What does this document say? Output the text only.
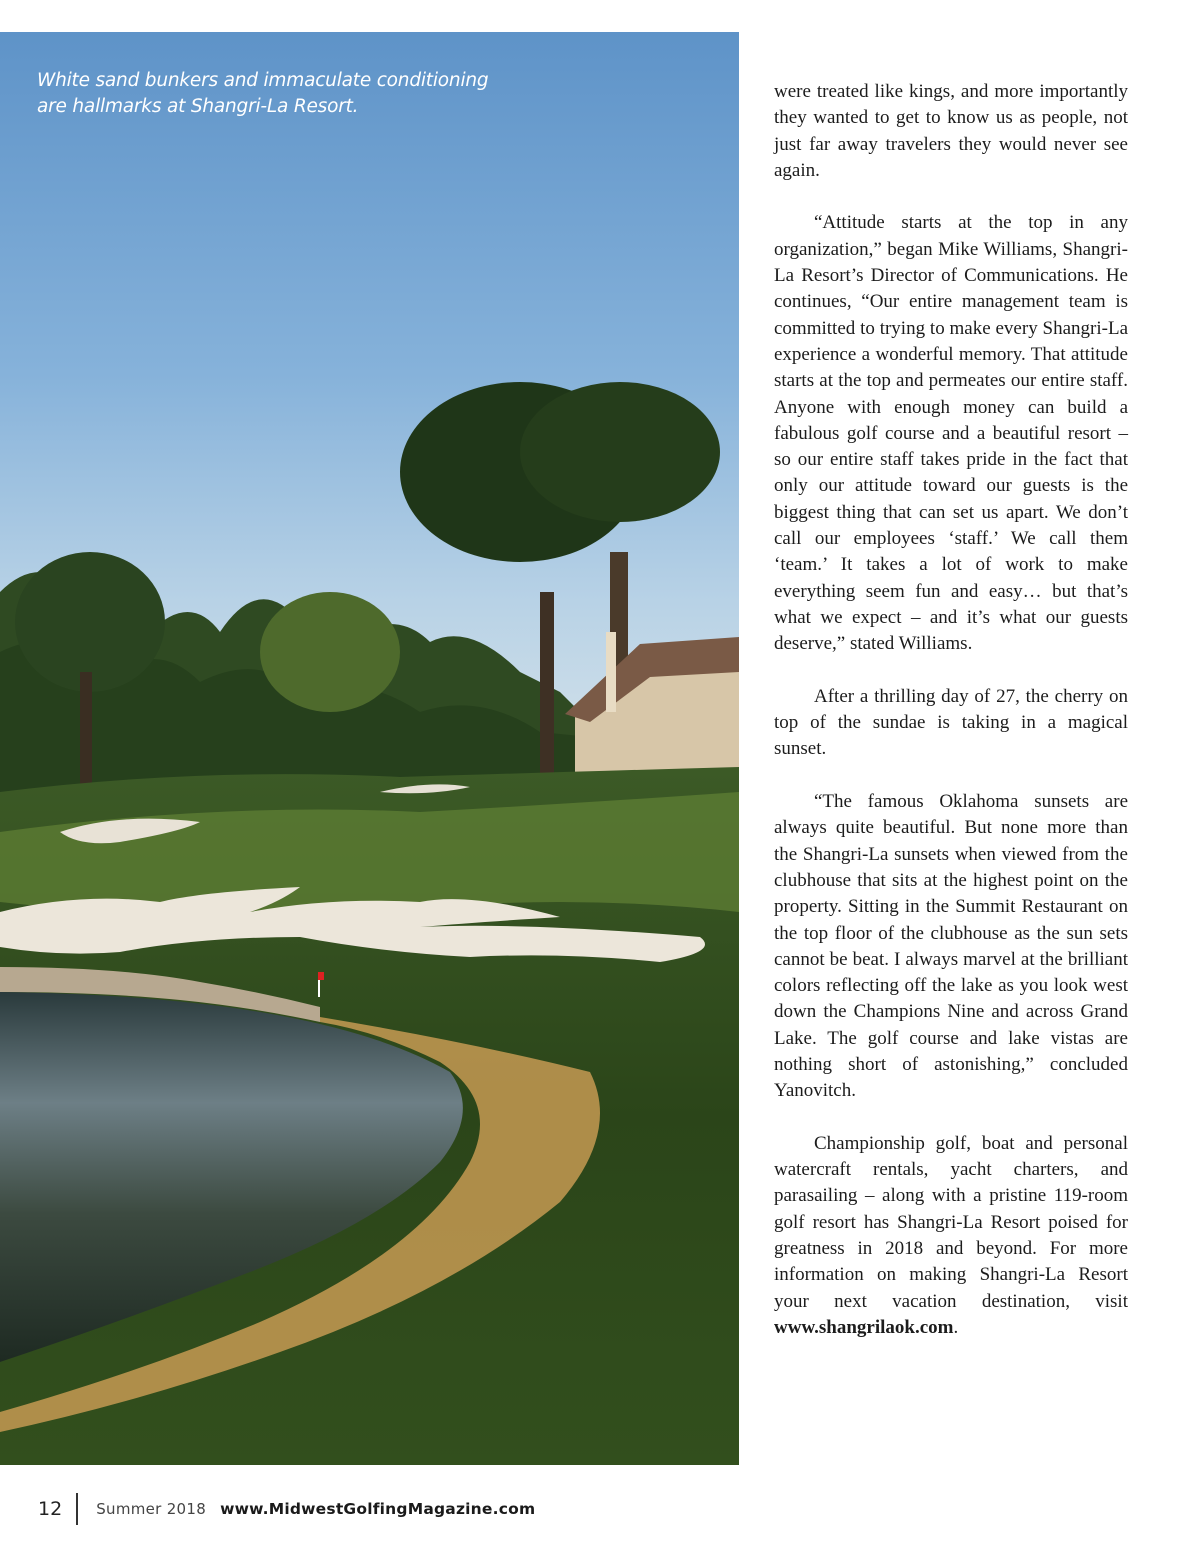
White sand bunkers and immaculate conditioning are hallmarks at Shangri-La Resort.

were treated like kings, and more importantly they wanted to get to know us as people, not just far away travelers they would never see again.

“Attitude starts at the top in any organization,” began Mike Williams, Shangri-La Resort’s Director of Communications. He continues, “Our entire management team is committed to trying to make every Shangri-La experience a wonderful memory. That attitude starts at the top and permeates our entire staff. Anyone with enough money can build a fabulous golf course and a beautiful resort – so our entire staff takes pride in the fact that only our attitude toward our guests is the biggest thing that can set us apart. We don’t call our employees ‘staff.’ We call them ‘team.’ It takes a lot of work to make everything seem fun and easy… but that’s what we expect – and it’s what our guests deserve,” stated Williams.

After a thrilling day of 27, the cherry on top of the sundae is taking in a magical sunset.

“The famous Oklahoma sunsets are always quite beautiful. But none more than the Shangri-La sunsets when viewed from the clubhouse that sits at the highest point on the property. Sitting in the Summit Restaurant on the top floor of the clubhouse as the sun sets cannot be beat. I always marvel at the brilliant colors reflecting off the lake as you look west down the Champions Nine and across Grand Lake. The golf course and lake vistas are nothing short of astonishing,” concluded Yanovitch.

Championship golf, boat and personal watercraft rentals, yacht charters, and parasailing – along with a pristine 119-room golf resort has Shangri-La Resort poised for greatness in 2018 and beyond. For more information on making Shangri-La Resort your next vacation destination, visit www.shangrilaok.com.

12 Summer 2018 www.MidwestGolfingMagazine.com
